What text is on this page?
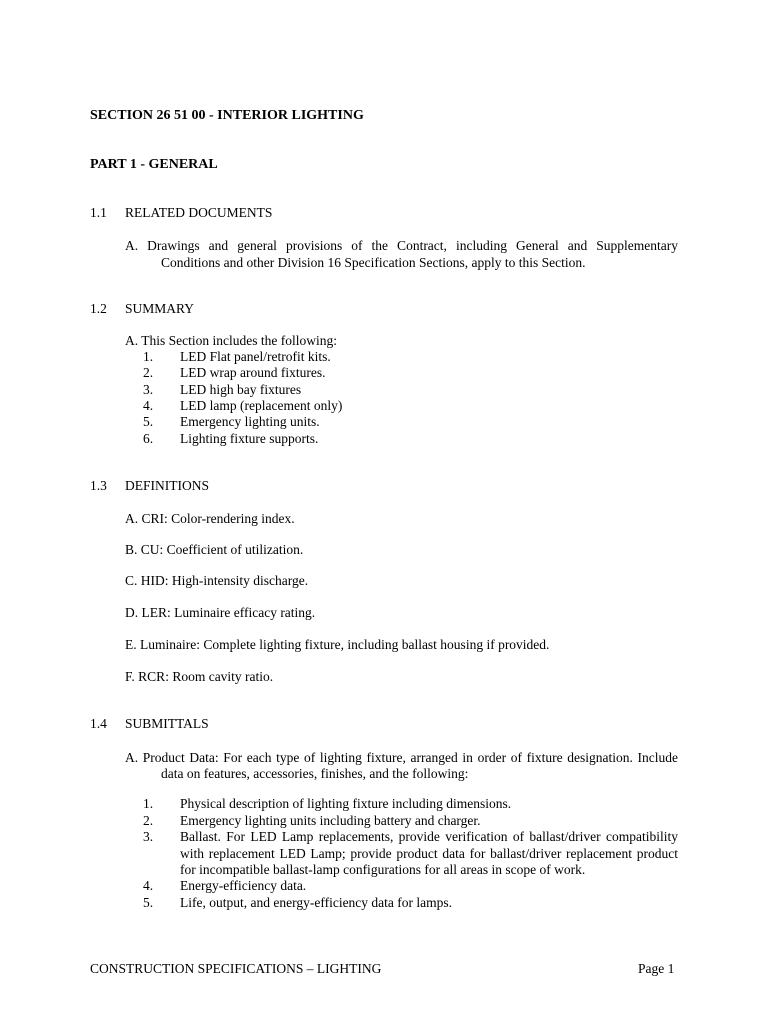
SECTION 26 51 00 - INTERIOR LIGHTING
PART 1 - GENERAL
1.1 RELATED DOCUMENTS
A. Drawings and general provisions of the Contract, including General and Supplementary
Conditions and other Division 16 Specification Sections, apply to this Section.
1.2 SUMMARY
A. This Section includes the following:
1. LED Flat panel/retrofit kits.
2. LED wrap around fixtures.
3. LED high bay fixtures
4. LED lamp (replacement only)
5. Emergency lighting units.
6. Lighting fixture supports.
1.3 DEFINITIONS
A. CRI: Color-rendering index.
B. CU: Coefficient of utilization.
C. HID: High-intensity discharge.
D. LER: Luminaire efficacy rating.
E. Luminaire: Complete lighting fixture, including ballast housing if provided.
F. RCR: Room cavity ratio.
1.4 SUBMITTALS
A. Product Data: For each type of lighting fixture, arranged in order of fixture designation. Include
data on features, accessories, finishes, and the following:
1. Physical description of lighting fixture including dimensions.
2. Emergency lighting units including battery and charger.
3. Ballast. For LED Lamp replacements, provide verification of ballast/driver compatibility
with replacement LED Lamp; provide product data for ballast/driver replacement product
for incompatible ballast-lamp configurations for all areas in scope of work.
4. Energy-efficiency data.
5. Life, output, and energy-efficiency data for lamps.
CONSTRUCTION SPECIFICATIONS – LIGHTING	Page 1
